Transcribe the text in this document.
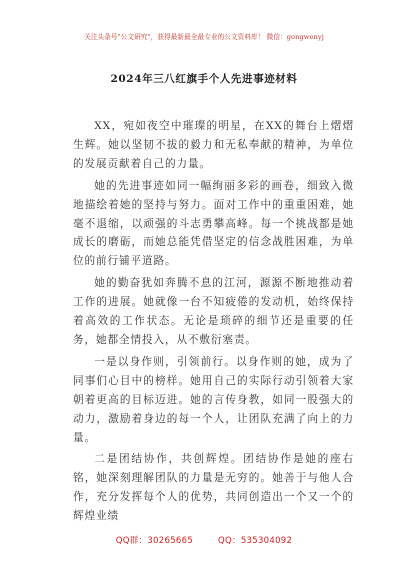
关注头条号"公文研究"，获得最新最全最专业的公文资料库！ 微信：gongwenyj
2024年三八红旗手个人先进事迹材料

XX，宛如夜空中璀璨的明星，在XX的舞台上熠熠生辉。她以坚韧不拔的毅力和无私奉献的精神，为单位的发展贡献着自己的力量。

她的先进事迹如同一幅绚丽多彩的画卷，细致入微地描绘着她的坚持与努力。面对工作中的重重困难，她毫不退缩，以顽强的斗志勇攀高峰。每一个挑战都是她成长的磨砺，而她总能凭借坚定的信念战胜困难，为单位的前行铺平道路。

她的勤奋犹如奔腾不息的江河，源源不断地推动着工作的进展。她就像一台不知疲倦的发动机，始终保持着高效的工作状态。无论是琐碎的细节还是重要的任务，她都全情投入，从不敷衍塞责。

一是以身作则，引领前行。以身作则的她，成为了同事们心目中的榜样。她用自己的实际行动引领着大家朝着更高的目标迈进。她的言传身教，如同一股强大的动力，激励着身边的每一个人，让团队充满了向上的力量。

二是团结协作，共创辉煌。团结协作是她的座右铭，她深刻理解团队的力量是无穷的。她善于与他人合作，充分发挥每个人的优势，共同创造出一个又一个的辉煌业绩

QQ群：30265665	QQ：535304092
